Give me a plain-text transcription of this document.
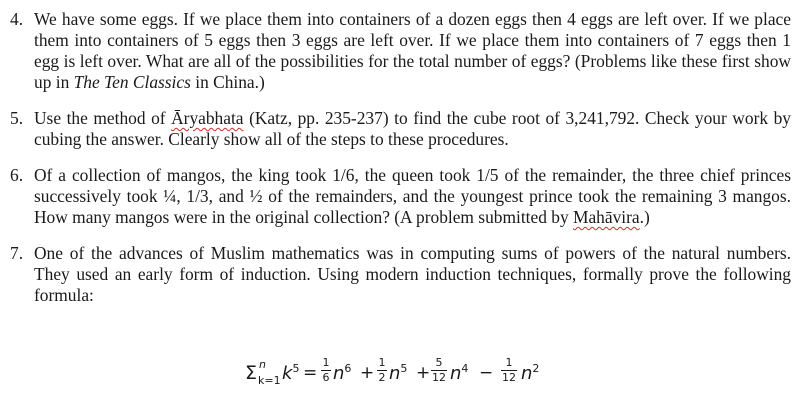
4. We have some eggs. If we place them into containers of a dozen eggs then 4 eggs are left over. If we place them into containers of 5 eggs then 3 eggs are left over. If we place them into containers of 7 eggs then 1 egg is left over. What are all of the possibilities for the total number of eggs? (Problems like these first show up in The Ten Classics in China.)
5. Use the method of Āryabhata (Katz, pp. 235-237) to find the cube root of 3,241,792. Check your work by cubing the answer. Clearly show all of the steps to these procedures.
6. Of a collection of mangos, the king took 1/6, the queen took 1/5 of the remainder, the three chief princes successively took ¼, 1/3, and ½ of the remainders, and the youngest prince took the remaining 3 mangos. How many mangos were in the original collection? (A problem submitted by Mahāvira.)
7. One of the advances of Muslim mathematics was in computing sums of powers of the natural numbers. They used an early form of induction. Using modern induction techniques, formally prove the following formula:
Σ n
k=1 $k^5$ =
1
6 $n^6$ +
1
2 $n^5$ +
5
12 $n^4$ −
1
12 $n^2$
